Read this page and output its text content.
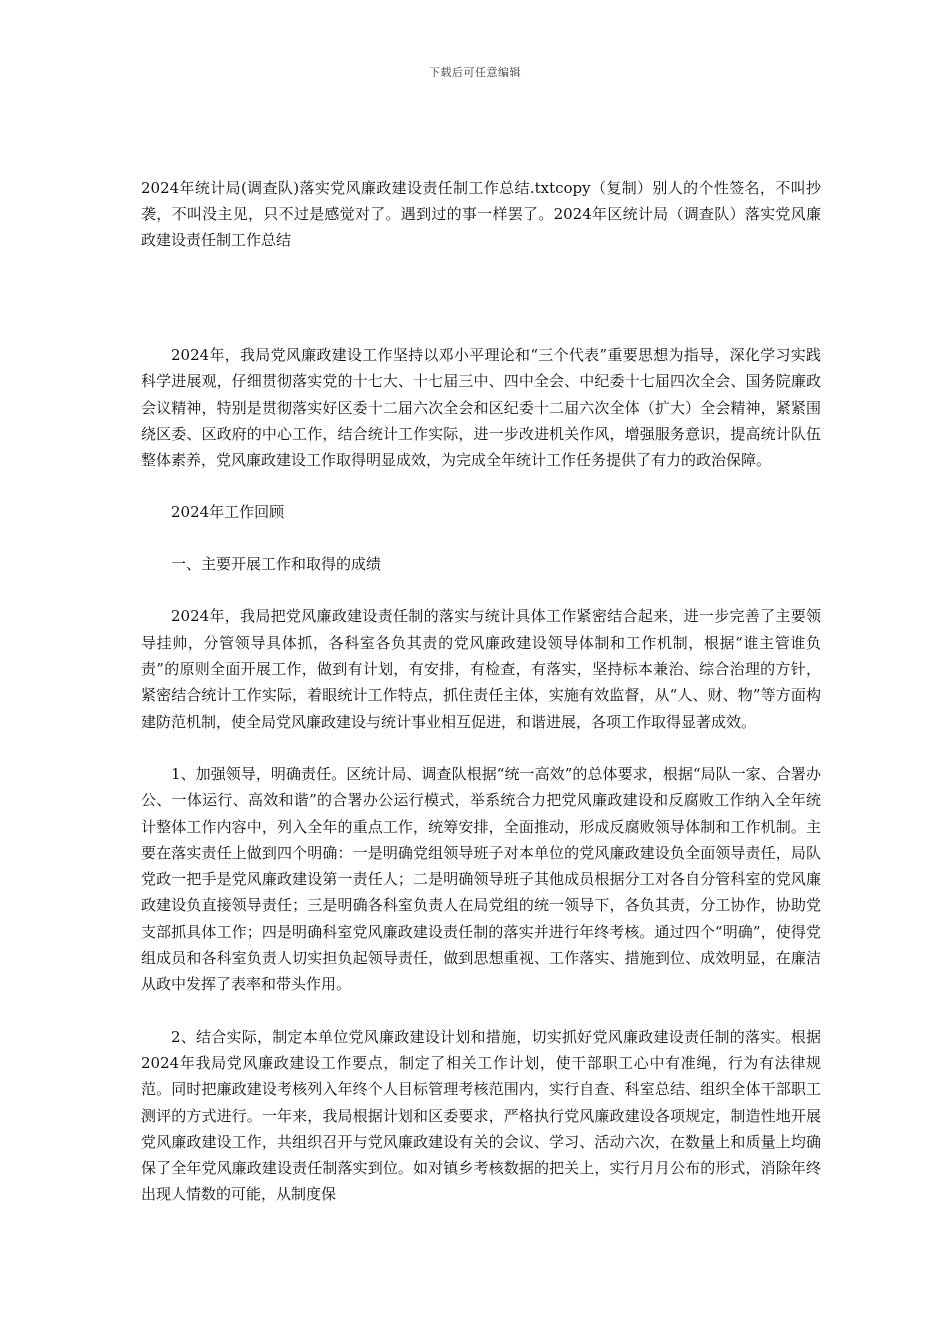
下载后可任意编辑

2024年统计局(调查队)落实党风廉政建设责任制工作总结.txtcopy（复制）别人的个性签名，不叫抄袭，不叫没主见，只不过是感觉对了。遇到过的事一样罢了。2024年区统计局（调查队）落实党风廉政建设责任制工作总结

2024年，我局党风廉政建设工作坚持以邓小平理论和“三个代表”重要思想为指导，深化学习实践科学进展观，仔细贯彻落实党的十七大、十七届三中、四中全会、中纪委十七届四次全会、国务院廉政会议精神，特别是贯彻落实好区委十二届六次全会和区纪委十二届六次全体（扩大）全会精神，紧紧围绕区委、区政府的中心工作，结合统计工作实际，进一步改进机关作风，增强服务意识，提高统计队伍整体素养，党风廉政建设工作取得明显成效，为完成全年统计工作任务提供了有力的政治保障。

2024年工作回顾

一、主要开展工作和取得的成绩

2024年，我局把党风廉政建设责任制的落实与统计具体工作紧密结合起来，进一步完善了主要领导挂帅，分管领导具体抓，各科室各负其责的党风廉政建设领导体制和工作机制，根据“谁主管谁负责”的原则全面开展工作，做到有计划，有安排，有检查，有落实，坚持标本兼治、综合治理的方针，紧密结合统计工作实际，着眼统计工作特点，抓住责任主体，实施有效监督，从“人、财、物”等方面构建防范机制，使全局党风廉政建设与统计事业相互促进，和谐进展，各项工作取得显著成效。

1、加强领导，明确责任。区统计局、调查队根据“统一高效”的总体要求，根据“局队一家、合署办公、一体运行、高效和谐”的合署办公运行模式，举系统合力把党风廉政建设和反腐败工作纳入全年统计整体工作内容中，列入全年的重点工作，统筹安排，全面推动，形成反腐败领导体制和工作机制。主要在落实责任上做到四个明确：一是明确党组领导班子对本单位的党风廉政建设负全面领导责任，局队党政一把手是党风廉政建设第一责任人；二是明确领导班子其他成员根据分工对各自分管科室的党风廉政建设负直接领导责任；三是明确各科室负责人在局党组的统一领导下，各负其责，分工协作，协助党支部抓具体工作；四是明确科室党风廉政建设责任制的落实并进行年终考核。通过四个“明确”，使得党组成员和各科室负责人切实担负起领导责任，做到思想重视、工作落实、措施到位、成效明显，在廉洁从政中发挥了表率和带头作用。

2、结合实际，制定本单位党风廉政建设计划和措施，切实抓好党风廉政建设责任制的落实。根据2024年我局党风廉政建设工作要点，制定了相关工作计划，使干部职工心中有准绳，行为有法律规范。同时把廉政建设考核列入年终个人目标管理考核范围内，实行自查、科室总结、组织全体干部职工测评的方式进行。一年来，我局根据计划和区委要求，严格执行党风廉政建设各项规定，制造性地开展党风廉政建设工作，共组织召开与党风廉政建设有关的会议、学习、活动六次，在数量上和质量上均确保了全年党风廉政建设责任制落实到位。如对镇乡考核数据的把关上，实行月月公布的形式，消除年终出现人情数的可能，从制度保
